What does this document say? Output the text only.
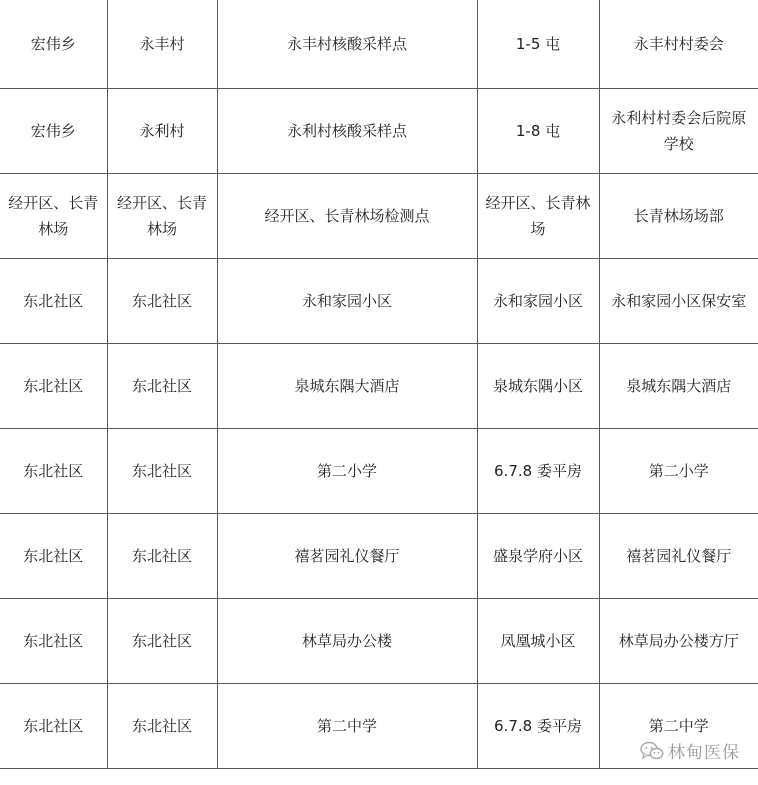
宏伟乡	永丰村	永丰村核酸采样点	1-5 屯	永丰村村委会
宏伟乡	永利村	永利村核酸采样点	1-8 屯	永利村村委会后院原学校
经开区、长青林场	经开区、长青林场	经开区、长青林场检测点	经开区、长青林场	长青林场场部
东北社区	东北社区	永和家园小区	永和家园小区	永和家园小区保安室
东北社区	东北社区	泉城东隅大酒店	泉城东隅小区	泉城东隅大酒店
东北社区	东北社区	第二小学	6.7.8 委平房	第二小学
东北社区	东北社区	禧茗园礼仪餐厅	盛泉学府小区	禧茗园礼仪餐厅
东北社区	东北社区	林草局办公楼	凤凰城小区	林草局办公楼方厅
东北社区	东北社区	第二中学	6.7.8 委平房	第二中学
林甸医保
